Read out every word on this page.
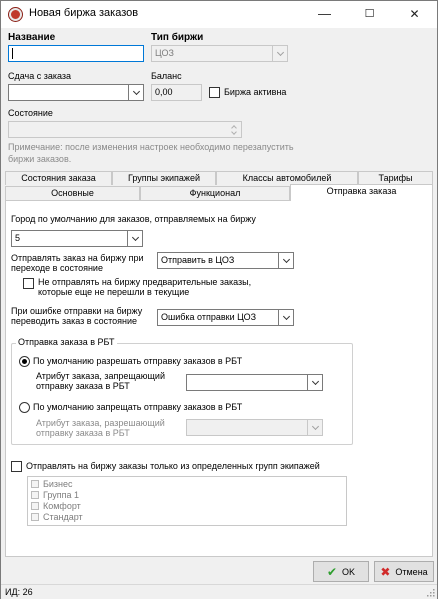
Новая биржа заказов	—	☐	✕
Название	Тип биржи
ЦОЗ
Сдача с заказа	Баланс
0,00	Биржа активна
Состояние
Примечание: после изменения настроек необходимо перезапустить
биржи заказов.
Состояния заказа	Группы экипажей	Классы автомобилей	Тарифы
Основные	Функционал	Отправка заказа
Город по умолчанию для заказов, отправляемых на биржу
5
Отправлять заказ на биржу при
переходе в состояние
Отправить в ЦОЗ
Не отправлять на биржу предварительные заказы,
которые еще не перешли в текущие
При ошибке отправки на биржу
переводить заказ в состояние	Ошибка отправки ЦОЗ
Отправка заказа в РБТ
По умолчанию разрешать отправку заказов в РБТ
Атрибут заказа, запрещающий
отправку заказа в РБТ
По умолчанию запрещать отправку заказов в РБТ
Атрибут заказа, разрешающий
отправку заказа в РБТ
Отправлять на биржу заказы только из определенных групп экипажей
Бизнес
Группа 1
Комфорт
Стандарт
✔ OK ✖ Отмена
ИД: 26
